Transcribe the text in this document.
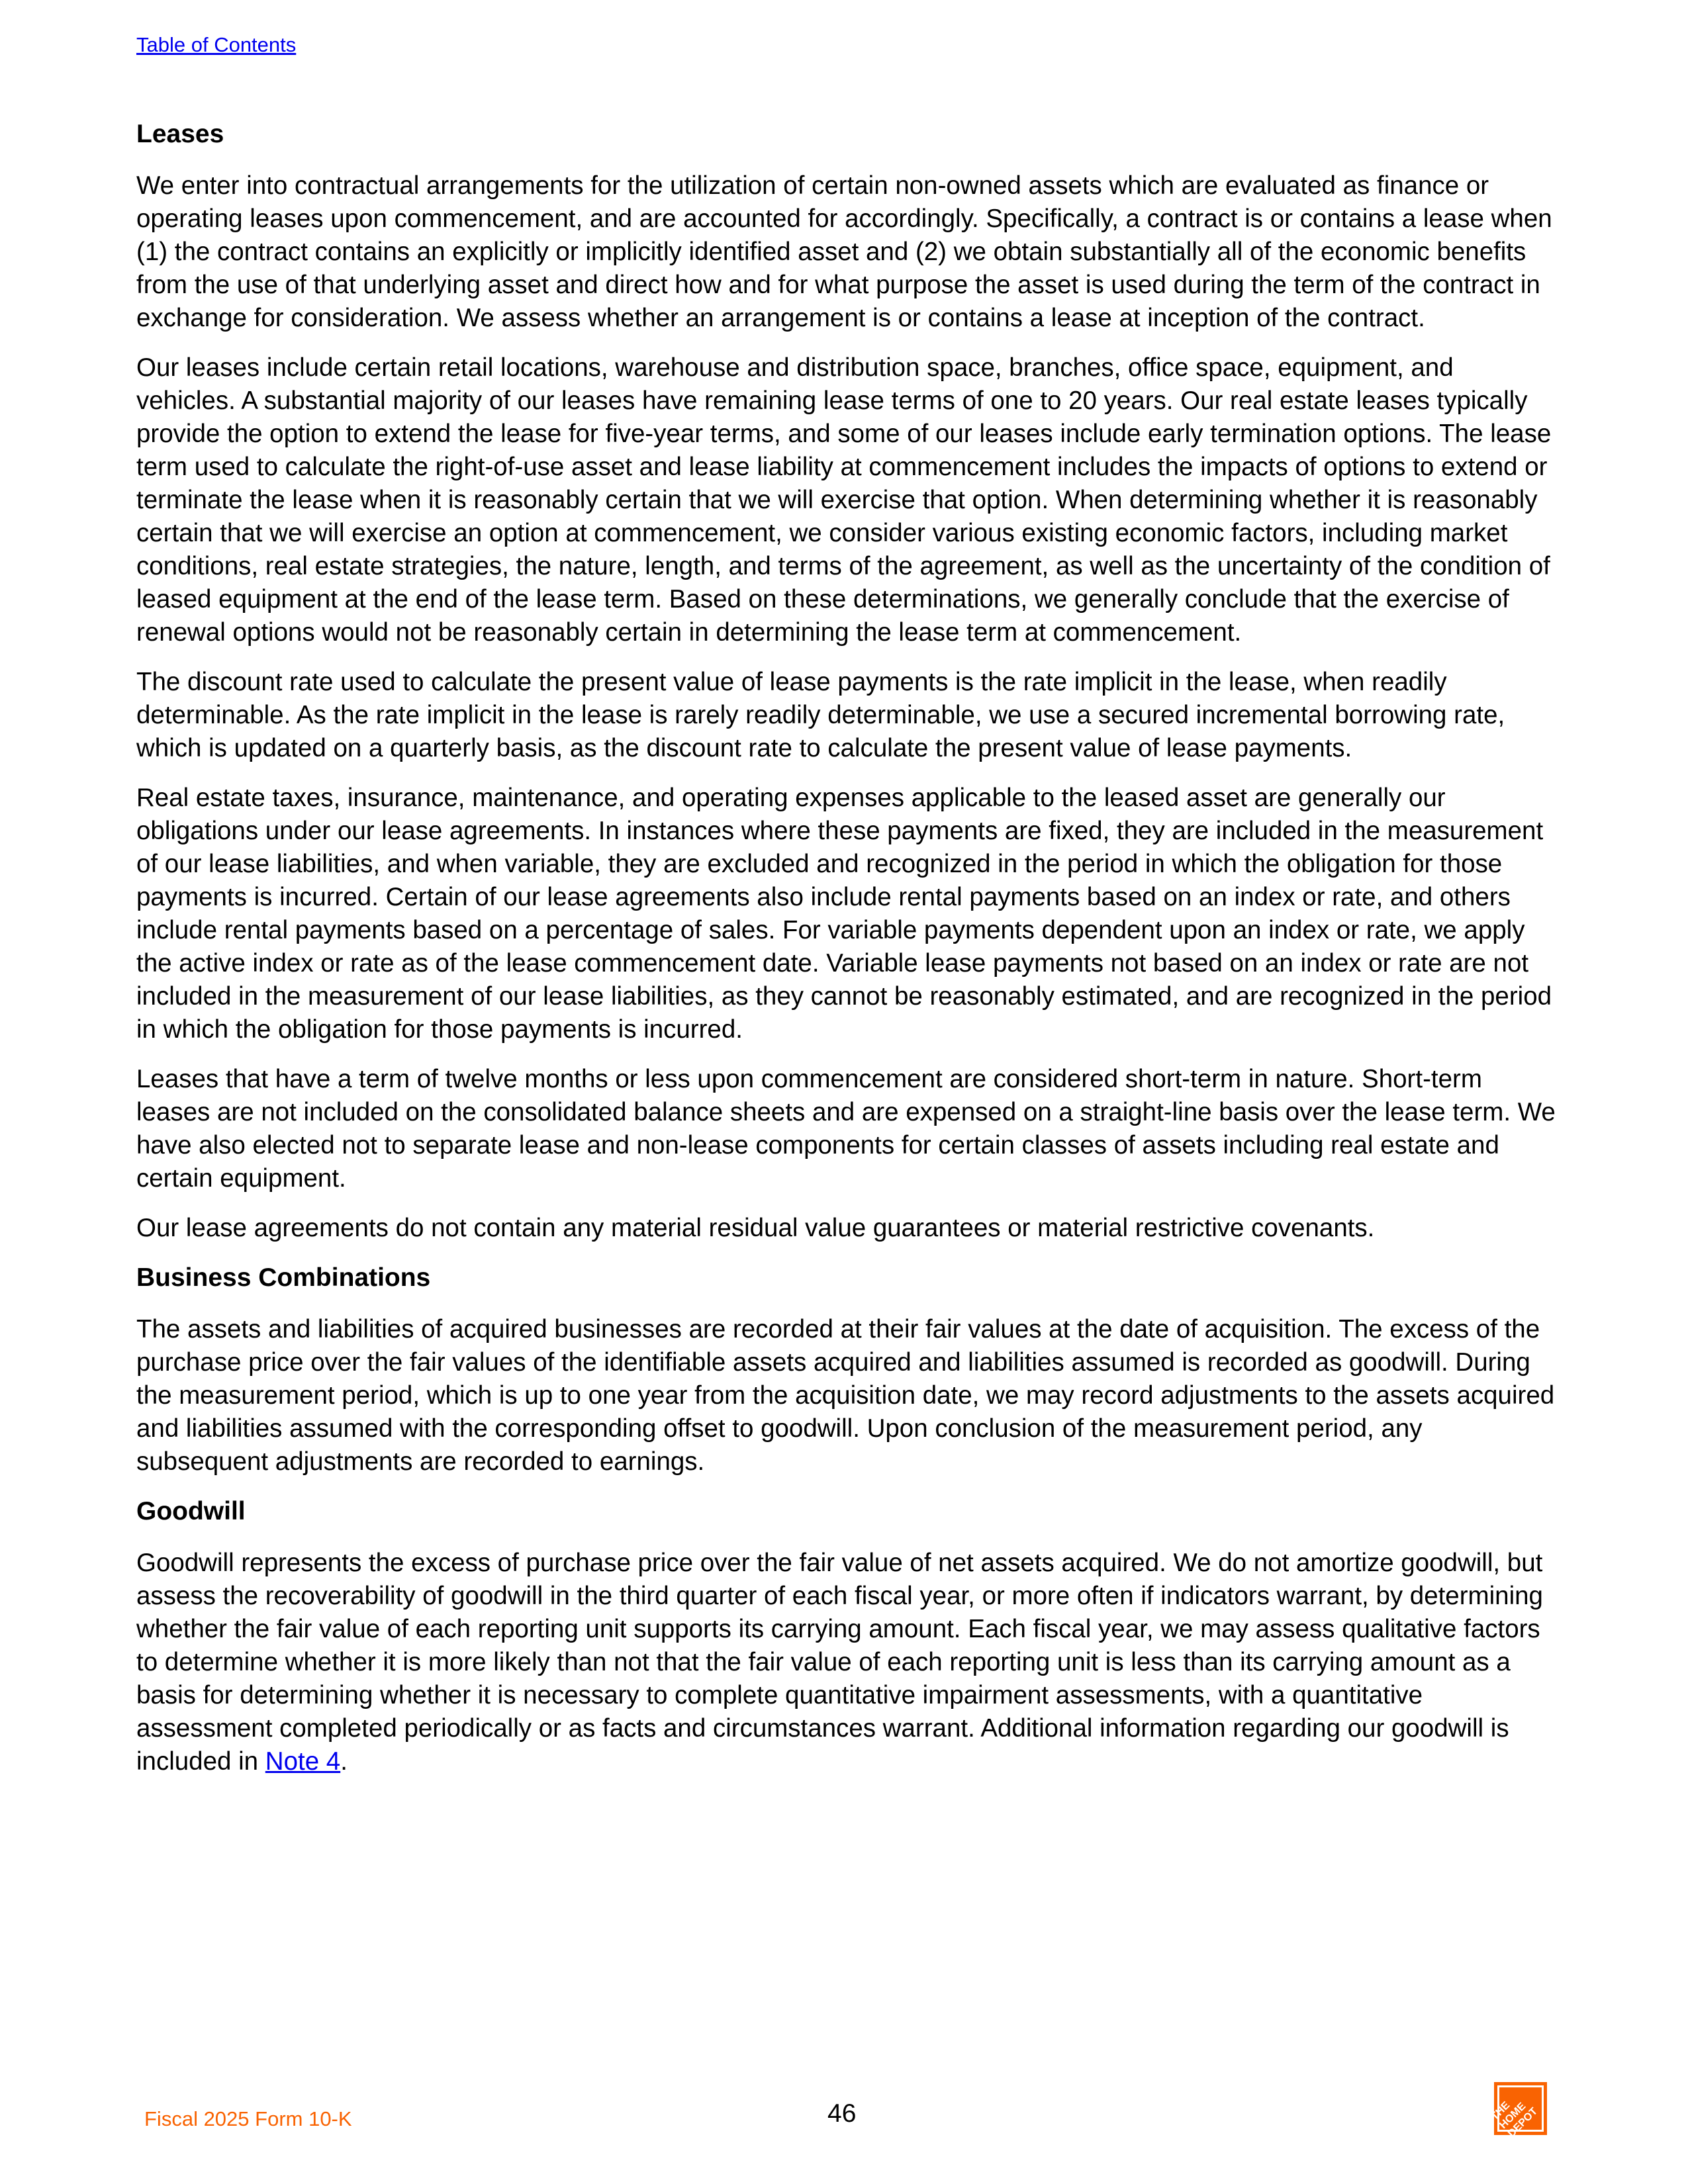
Table of Contents
Leases

We enter into contractual arrangements for the utilization of certain non-owned assets which are evaluated as finance or operating leases upon commencement, and are accounted for accordingly. Specifically, a contract is or contains a lease when (1) the contract contains an explicitly or implicitly identified asset and (2) we obtain substantially all of the economic benefits from the use of that underlying asset and direct how and for what purpose the asset is used during the term of the contract in exchange for consideration. We assess whether an arrangement is or contains a lease at inception of the contract.

Our leases include certain retail locations, warehouse and distribution space, branches, office space, equipment, and vehicles. A substantial majority of our leases have remaining lease terms of one to 20 years. Our real estate leases typically provide the option to extend the lease for five-year terms, and some of our leases include early termination options. The lease term used to calculate the right-of-use asset and lease liability at commencement includes the impacts of options to extend or terminate the lease when it is reasonably certain that we will exercise that option. When determining whether it is reasonably certain that we will exercise an option at commencement, we consider various existing economic factors, including market conditions, real estate strategies, the nature, length, and terms of the agreement, as well as the uncertainty of the condition of leased equipment at the end of the lease term. Based on these determinations, we generally conclude that the exercise of renewal options would not be reasonably certain in determining the lease term at commencement.

The discount rate used to calculate the present value of lease payments is the rate implicit in the lease, when readily determinable. As the rate implicit in the lease is rarely readily determinable, we use a secured incremental borrowing rate, which is updated on a quarterly basis, as the discount rate to calculate the present value of lease payments.

Real estate taxes, insurance, maintenance, and operating expenses applicable to the leased asset are generally our obligations under our lease agreements. In instances where these payments are fixed, they are included in the measurement of our lease liabilities, and when variable, they are excluded and recognized in the period in which the obligation for those payments is incurred. Certain of our lease agreements also include rental payments based on an index or rate, and others include rental payments based on a percentage of sales. For variable payments dependent upon an index or rate, we apply the active index or rate as of the lease commencement date. Variable lease payments not based on an index or rate are not included in the measurement of our lease liabilities, as they cannot be reasonably estimated, and are recognized in the period in which the obligation for those payments is incurred.

Leases that have a term of twelve months or less upon commencement are considered short-term in nature. Short-term leases are not included on the consolidated balance sheets and are expensed on a straight-line basis over the lease term. We have also elected not to separate lease and non-lease components for certain classes of assets including real estate and certain equipment.

Our lease agreements do not contain any material residual value guarantees or material restrictive covenants.

Business Combinations

The assets and liabilities of acquired businesses are recorded at their fair values at the date of acquisition. The excess of the purchase price over the fair values of the identifiable assets acquired and liabilities assumed is recorded as goodwill. During the measurement period, which is up to one year from the acquisition date, we may record adjustments to the assets acquired and liabilities assumed with the corresponding offset to goodwill. Upon conclusion of the measurement period, any subsequent adjustments are recorded to earnings.

Goodwill

Goodwill represents the excess of purchase price over the fair value of net assets acquired. We do not amortize goodwill, but assess the recoverability of goodwill in the third quarter of each fiscal year, or more often if indicators warrant, by determining whether the fair value of each reporting unit supports its carrying amount. Each fiscal year, we may assess qualitative factors to determine whether it is more likely than not that the fair value of each reporting unit is less than its carrying amount as a basis for determining whether it is necessary to complete quantitative impairment assessments, with a quantitative assessment completed periodically or as facts and circumstances warrant. Additional information regarding our goodwill is included in Note 4.

Fiscal 2025 Form 10-K	46	THE HOME DEPOT
